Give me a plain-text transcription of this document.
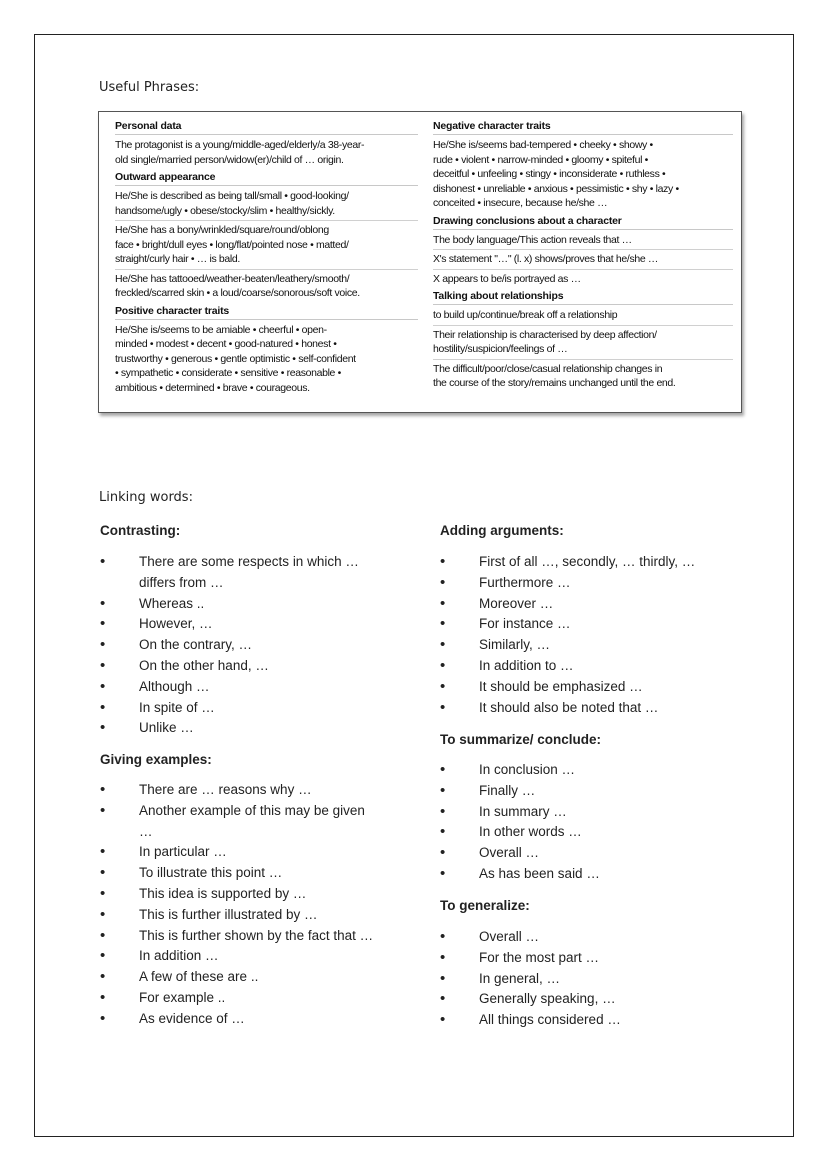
Useful Phrases:
Personal data
The protagonist is a young/middle-aged/elderly/a 38-year-
old single/married person/widow(er)/child of … origin.
Outward appearance
He/She is described as being tall/small • good-looking/
handsome/ugly • obese/stocky/slim • healthy/sickly.
He/She has a bony/wrinkled/square/round/oblong
face • bright/dull eyes • long/flat/pointed nose • matted/
straight/curly hair • … is bald.
He/She has tattooed/weather-beaten/leathery/smooth/
freckled/scarred skin • a loud/coarse/sonorous/soft voice.
Positive character traits
He/She is/seems to be amiable • cheerful • open-
minded • modest • decent • good-natured • honest •
trustworthy • generous • gentle optimistic • self-confident
• sympathetic • considerate • sensitive • reasonable •
ambitious • determined • brave • courageous.
Negative character traits
He/She is/seems bad-tempered • cheeky • showy •
rude • violent • narrow-minded • gloomy • spiteful •
deceitful • unfeeling • stingy • inconsiderate • ruthless •
dishonest • unreliable • anxious • pessimistic • shy • lazy •
conceited • insecure, because he/she …
Drawing conclusions about a character
The body language/This action reveals that …
X's statement "…" (l. x) shows/proves that he/she …
X appears to be/is portrayed as …
Talking about relationships
to build up/continue/break off a relationship
Their relationship is characterised by deep affection/
hostility/suspicion/feelings of …
The difficult/poor/close/casual relationship changes in
the course of the story/remains unchanged until the end.
Linking words:
Contrasting:
• There are some respects in which …
differs from …
• Whereas ..
• However, …
• On the contrary, …
• On the other hand, …
• Although …
• In spite of …
• Unlike …
Giving examples:
• There are … reasons why …
• Another example of this may be given
…
• In particular …
• To illustrate this point …
• This idea is supported by …
• This is further illustrated by …
• This is further shown by the fact that …
• In addition …
• A few of these are ..
• For example ..
• As evidence of …
Adding arguments:
• First of all …, secondly, … thirdly, …
• Furthermore …
• Moreover …
• For instance …
• Similarly, …
• In addition to …
• It should be emphasized …
• It should also be noted that …
To summarize/ conclude:
• In conclusion …
• Finally …
• In summary …
• In other words …
• Overall …
• As has been said …
To generalize:
• Overall …
• For the most part …
• In general, …
• Generally speaking, …
• All things considered …
